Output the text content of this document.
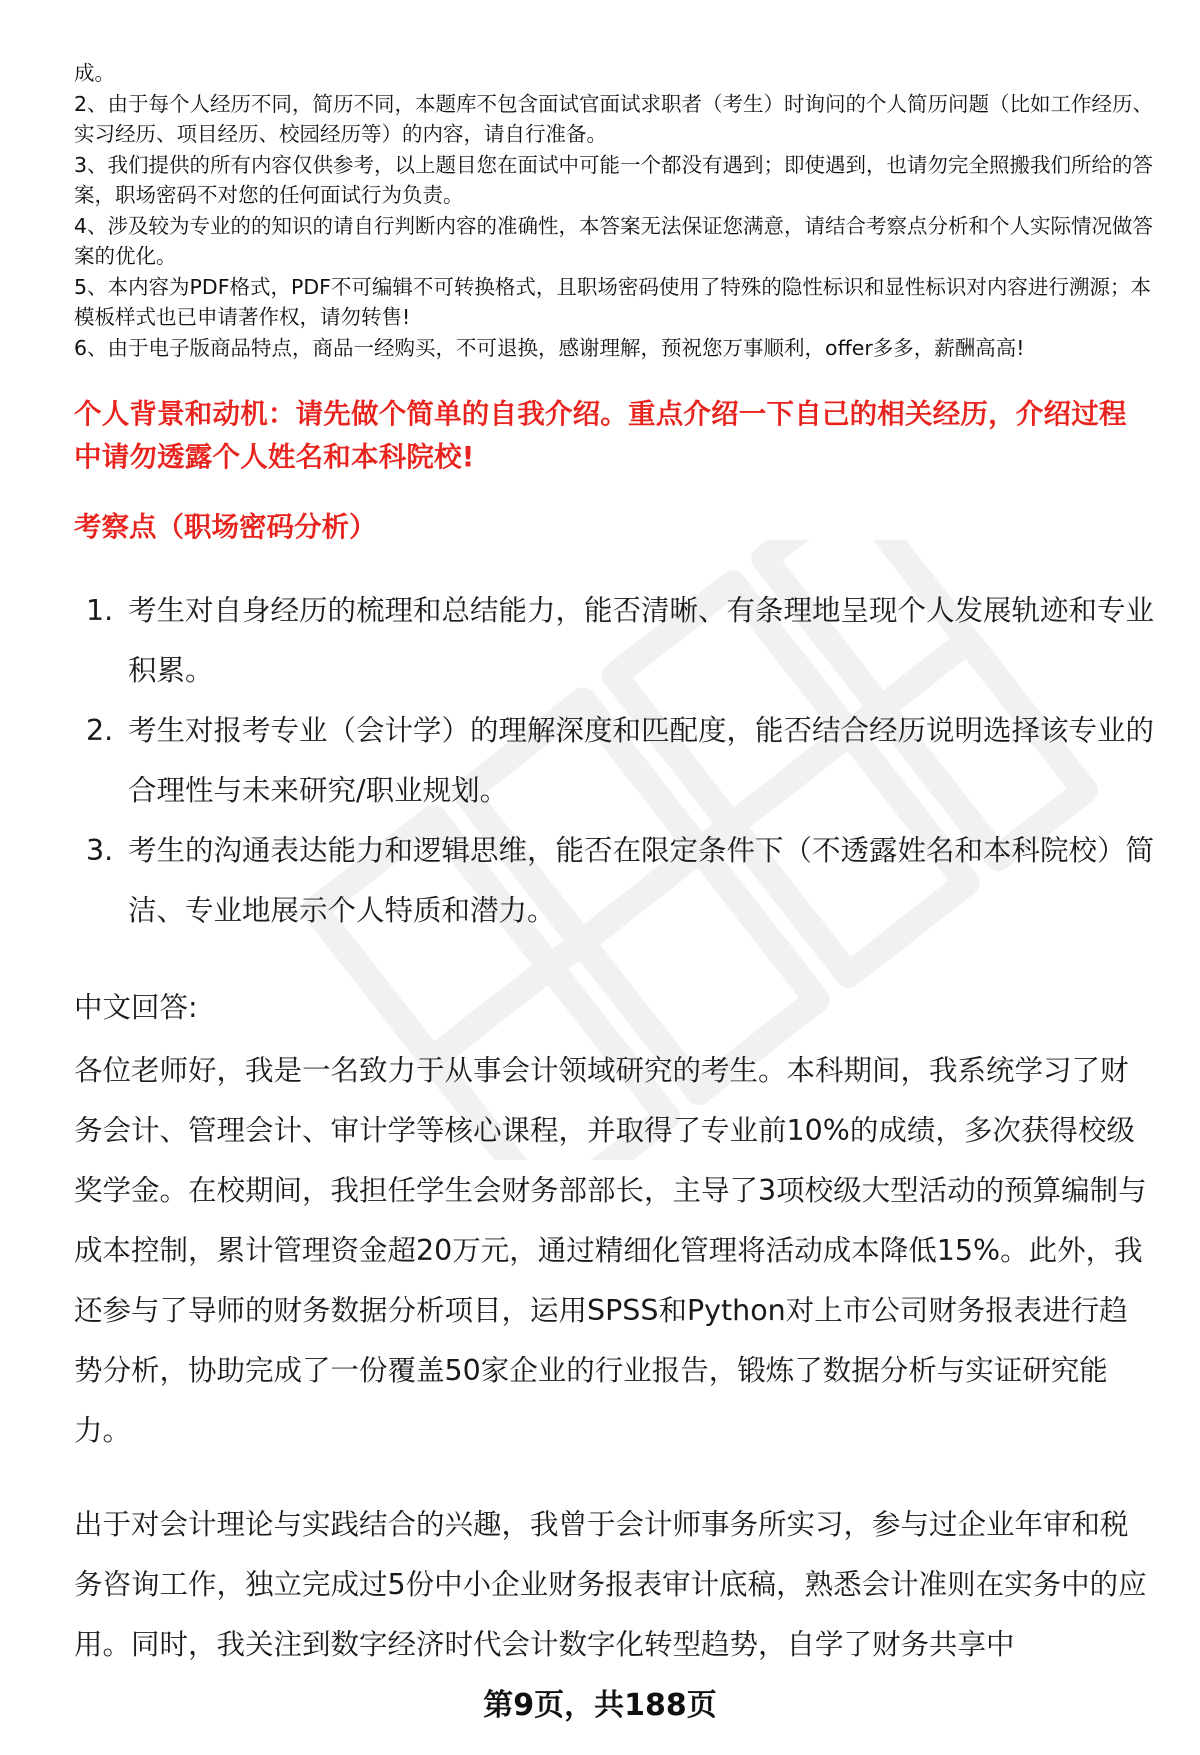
成。

2、由于每个人经历不同，简历不同，本题库不包含面试官面试求职者（考生）时询问的个人简历问题（比如工作经历、实习经历、项目经历、校园经历等）的内容，请自行准备。

3、我们提供的所有内容仅供参考，以上题目您在面试中可能一个都没有遇到；即使遇到，也请勿完全照搬我们所给的答案，职场密码不对您的任何面试行为负责。

4、涉及较为专业的的知识的请自行判断内容的准确性，本答案无法保证您满意，请结合考察点分析和个人实际情况做答案的优化。

5、本内容为PDF格式，PDF不可编辑不可转换格式，且职场密码使用了特殊的隐性标识和显性标识对内容进行溯源；本模板样式也已申请著作权，请勿转售!

6、由于电子版商品特点，商品一经购买，不可退换，感谢理解，预祝您万事顺利，offer多多，薪酬高高!

个人背景和动机：请先做个简单的自我介绍。重点介绍一下自己的相关经历，介绍过程中请勿透露个人姓名和本科院校!
考察点（职场密码分析）
1. 考生对自身经历的梳理和总结能力，能否清晰、有条理地呈现个人发展轨迹和专业积累。
2. 考生对报考专业（会计学）的理解深度和匹配度，能否结合经历说明选择该专业的合理性与未来研究/职业规划。
3. 考生的沟通表达能力和逻辑思维，能否在限定条件下（不透露姓名和本科院校）简洁、专业地展示个人特质和潜力。
中文回答:

各位老师好，我是一名致力于从事会计领域研究的考生。本科期间，我系统学习了财务会计、管理会计、审计学等核心课程，并取得了专业前10%的成绩，多次获得校级奖学金。在校期间，我担任学生会财务部部长，主导了3项校级大型活动的预算编制与成本控制，累计管理资金超20万元，通过精细化管理将活动成本降低15%。此外，我还参与了导师的财务数据分析项目，运用SPSS和Python对上市公司财务报表进行趋势分析，协助完成了一份覆盖50家企业的行业报告，锻炼了数据分析与实证研究能力。

出于对会计理论与实践结合的兴趣，我曾于会计师事务所实习，参与过企业年审和税务咨询工作，独立完成过5份中小企业财务报表审计底稿，熟悉会计准则在实务中的应用。同时，我关注到数字经济时代会计数字化转型趋势，自学了财务共享中

第9页，共188页
